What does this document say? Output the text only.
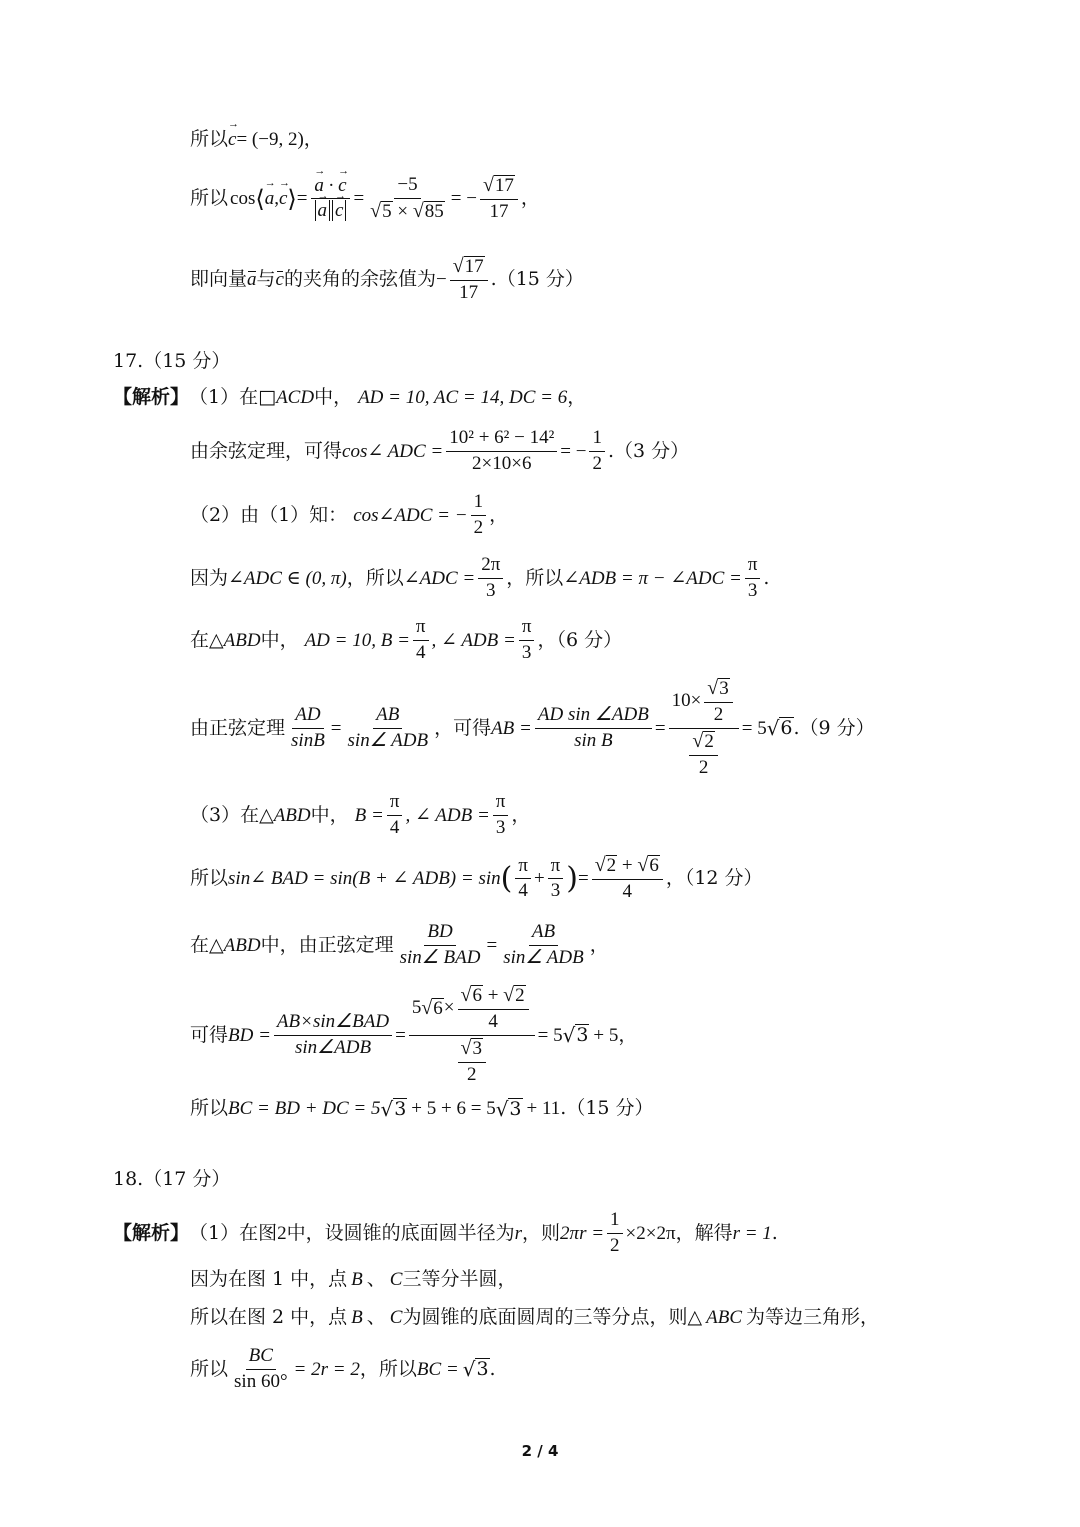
所以 → c = (−9, 2) ，
所以 cos ⟨ → a , → c ⟩ = → a · → c
→ $a \to c = \frac{-5}{√ 5 \times √ 85}$ = − $\frac{√ 17}{17}$ ，
即向量 a 与 c 的夹角的余弦值为 − $\frac{√ 17}{17} .(15$ 分）
17.（15 分）
【解析】 （1）在□ ACD 中， AD = 10, AC = 14, DC = 6 ，
由余弦定理，可得 cos∠ ADC = $\frac{\text{10² + 6² − 14²}}{2\times 10\times 6}$ = − $\frac{1}{2} .(3$ 分）
（2）由（1）知： cos∠ADC = − $\frac{1}{2}$ ，
因为 ∠ADC ∈ (0, π) ，所以 ∠ADC = $\frac{2\pi}{3}$ ，所以 ∠ADB = π − ∠ADC = $\frac{\pi}{3}$ .
在△ ABD 中， AD = 10, $B = \frac{\pi}{4}$ , ∠ ADB = $\frac{\pi}{3}$ ，（6 分）
由正弦定理 $\frac{AD}{\sin B} = \frac{AB}{\text{sin∠ ADB}}$ ，可得 AB = $\frac{\text{AD sin ∠ADB}}{\text{sin B}} = \frac{10\times \frac{√ 3}{2}}{\frac{√ 2}{2}} = 5$ √ 6 .（9 分）
（3）在△ ABD 中， $B = \frac{\pi}{4}$ , ∠ ADB = $\frac{\pi}{3}$ ，
所以 sin∠ BAD = sin(B + ∠ ADB) = sin ( $\frac{\pi}{4} + \frac{\pi}{3}$ ) = $\frac{√ 2 + √ 6}{4}$ ，（12 分）
在△ ABD 中，由正弦定理 $\frac{BD}{\text{sin∠ BAD}} = \frac{AB}{\text{sin∠ ADB}}$ ，
可得 BD = $\frac{\text{AB×sin∠BAD}}{\text{sin∠ADB}} = \frac{5 √ 6 \times \frac{√ 6 + √ 2}{4}}{\frac{√ 3}{2}} = 5$ √ 3 + 5 ，
所以 BC = BD + DC = 5 √ 3 + 5 + 6 = 5 √ 3 + 11 .（15 分）
18.（17 分）
【解析】 （1）在图 2 中，设圆锥的底面圆半径为 r ，则 $2\pi r = \frac{1}{2} \times 2\times 2\pi$ ，解得 r = 1 .
因为在图 1 中，点 B 、 C 三等分半圆，
所以在图 2 中，点 B 、 C 为圆锥的底面圆周的三等分点，则△ ABC 为等边三角形，
所以 $\frac{BC}{\sin 60^\circ} = 2r = 2$ ，所以 BC = √ 3 .
2 / 4
